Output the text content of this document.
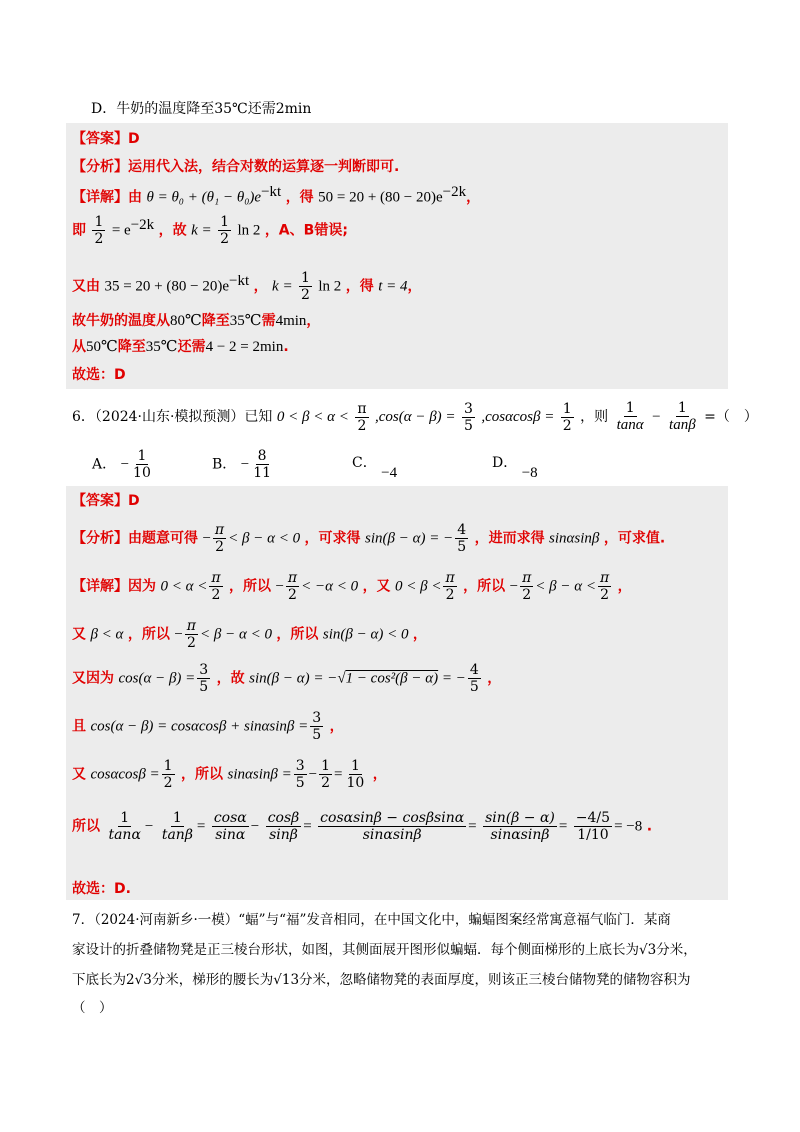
D．牛奶的温度降至35℃还需2min
【答案】D
【分析】运用代入法，结合对数的运算逐一判断即可.
【详解】由 $\theta = \theta_0 + (\theta_1 - \theta_0)e^{-kt}$ ，得 $50 = 20 + (80 - 20)e^{-2k}$，
即 $\frac{1}{2} = e^{-2k}$ ，故 $k = \frac{1}{2}$ ln 2 ，A、B错误;
又由 $35 = 20 + (80 - 20)e^{-kt}$ ， $k = \frac{1}{2}$ ln 2 ，得 t = 4，
故牛奶的温度从80℃降至35℃需4min，
从50℃降至35℃还需4 − 2 = 2min.
故选：D
6．（2024·山东·模拟预测）已知 $0 < \beta < \alpha < \frac{\pi}{2} ,\cos(\alpha - \beta) = \frac{3}{5} ,\cos\alpha\cos\beta = \frac{1}{2}$ ，则 $\frac{1}{\tan\alpha} - \frac{1}{\tan\beta}$ =（　）
A． − $\frac{1}{10}$	B． − $\frac{8}{11}$	C． −4
D． −8
【答案】D
【分析】由题意可得 − $\frac{\pi}{2} < \beta - \alpha < 0$ ，可求得 sin(β − α) = − $\frac{4}{5}$ ，进而求得 sinαsinβ ，可求值.
【详解】因为 $0 < \alpha < \frac{\pi}{2}$ ，所以 − $\frac{\pi}{2} < -\alpha < 0$ ，又 $0 < \beta < \frac{\pi}{2}$ ，所以 − $\frac{\pi}{2} < \beta - \alpha < \frac{\pi}{2}$ ，
又 β < α ，所以 − $\frac{\pi}{2} < \beta - \alpha < 0$ ，所以 sin(β − α) < 0 ，
又因为 $\cos(\alpha - \beta) = \frac{3}{5}$ ，故 sin(β − α) = −√1 − cos²(β − α) = − $\frac{4}{5}$ ，
且 $\cos(\alpha - \beta) = \cos\alpha\cos\beta + \sin\alpha\sin\beta = \frac{3}{5}$ ，
又 $\cos\alpha\cos\beta = \frac{1}{2}$ ，所以 $\sin\alpha\sin\beta = \frac{3}{5} - \frac{1}{2} = \frac{1}{10}$ ，
所以 $\frac{1}{\tan\alpha} - \frac{1}{\tan\beta} = \frac{\cos\alpha}{\sin\alpha} - \frac{\cos\beta}{\sin\beta} = \frac{\cos\alpha\sin\beta - \cos\beta\sin\alpha}{\sin\alpha\sin\beta} = \frac{\sin(\beta - \alpha)}{\sin\alpha\sin\beta} = \frac{-4/5}{1/10} = -8$ .
故选：D.
7．（2024·河南新乡·一模）“蝠”与“福”发音相同，在中国文化中，蝙蝠图案经常寓意福气临门．某商
家设计的折叠储物凳是正三棱台形状，如图，其侧面展开图形似蝙蝠．每个侧面梯形的上底长为√3分米，
下底长为2√3分米，梯形的腰长为√13分米，忽略储物凳的表面厚度，则该正三棱台储物凳的储物容积为
（　）
